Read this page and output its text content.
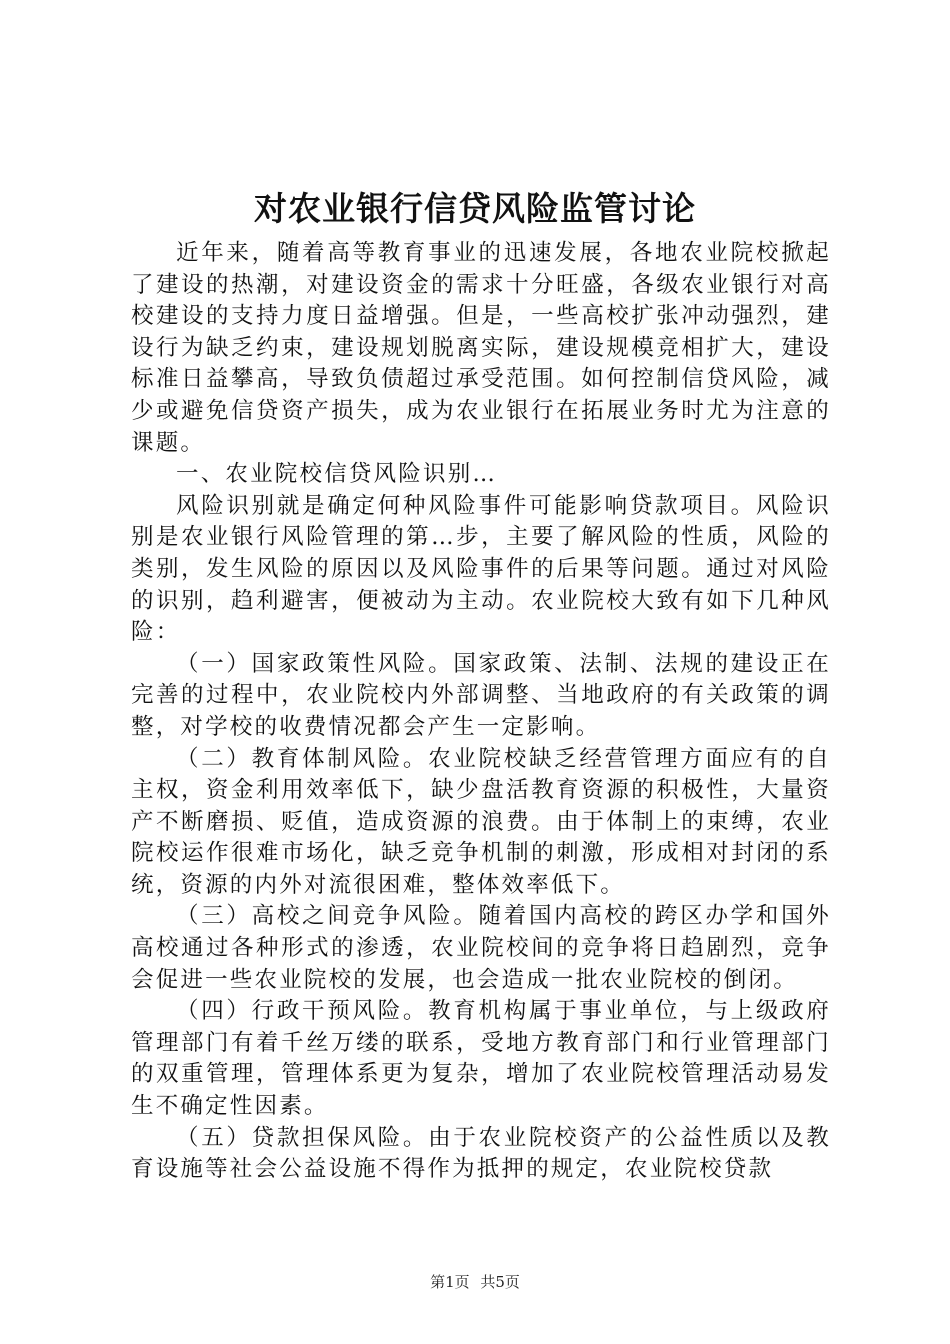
对农业银行信贷风险监管讨论

近年来，随着高等教育事业的迅速发展，各地农业院校掀起了建设的热潮，对建设资金的需求十分旺盛，各级农业银行对高校建设的支持力度日益增强。但是，一些高校扩张冲动强烈，建设行为缺乏约束，建设规划脱离实际，建设规模竞相扩大，建设标准日益攀高，导致负债超过承受范围。如何控制信贷风险，减少或避免信贷资产损失，成为农业银行在拓展业务时尤为注意的课题。

一、农业院校信贷风险识别…

风险识别就是确定何种风险事件可能影响贷款项目。风险识别是农业银行风险管理的第…步，主要了解风险的性质，风险的类别，发生风险的原因以及风险事件的后果等问题。通过对风险的识别，趋利避害，便被动为主动。农业院校大致有如下几种风险：

（一）国家政策性风险。国家政策、法制、法规的建设正在完善的过程中，农业院校内外部调整、当地政府的有关政策的调整，对学校的收费情况都会产生一定影响。

（二）教育体制风险。农业院校缺乏经营管理方面应有的自主权，资金利用效率低下，缺少盘活教育资源的积极性，大量资产不断磨损、贬值，造成资源的浪费。由于体制上的束缚，农业院校运作很难市场化，缺乏竞争机制的刺激，形成相对封闭的系统，资源的内外对流很困难，整体效率低下。

（三）高校之间竞争风险。随着国内高校的跨区办学和国外高校通过各种形式的渗透，农业院校间的竞争将日趋剧烈，竞争会促进一些农业院校的发展，也会造成一批农业院校的倒闭。

（四）行政干预风险。教育机构属于事业单位，与上级政府管理部门有着千丝万缕的联系，受地方教育部门和行业管理部门的双重管理，管理体系更为复杂，增加了农业院校管理活动易发生不确定性因素。

（五）贷款担保风险。由于农业院校资产的公益性质以及教育设施等社会公益设施不得作为抵押的规定，农业院校贷款

第1页 共5页
